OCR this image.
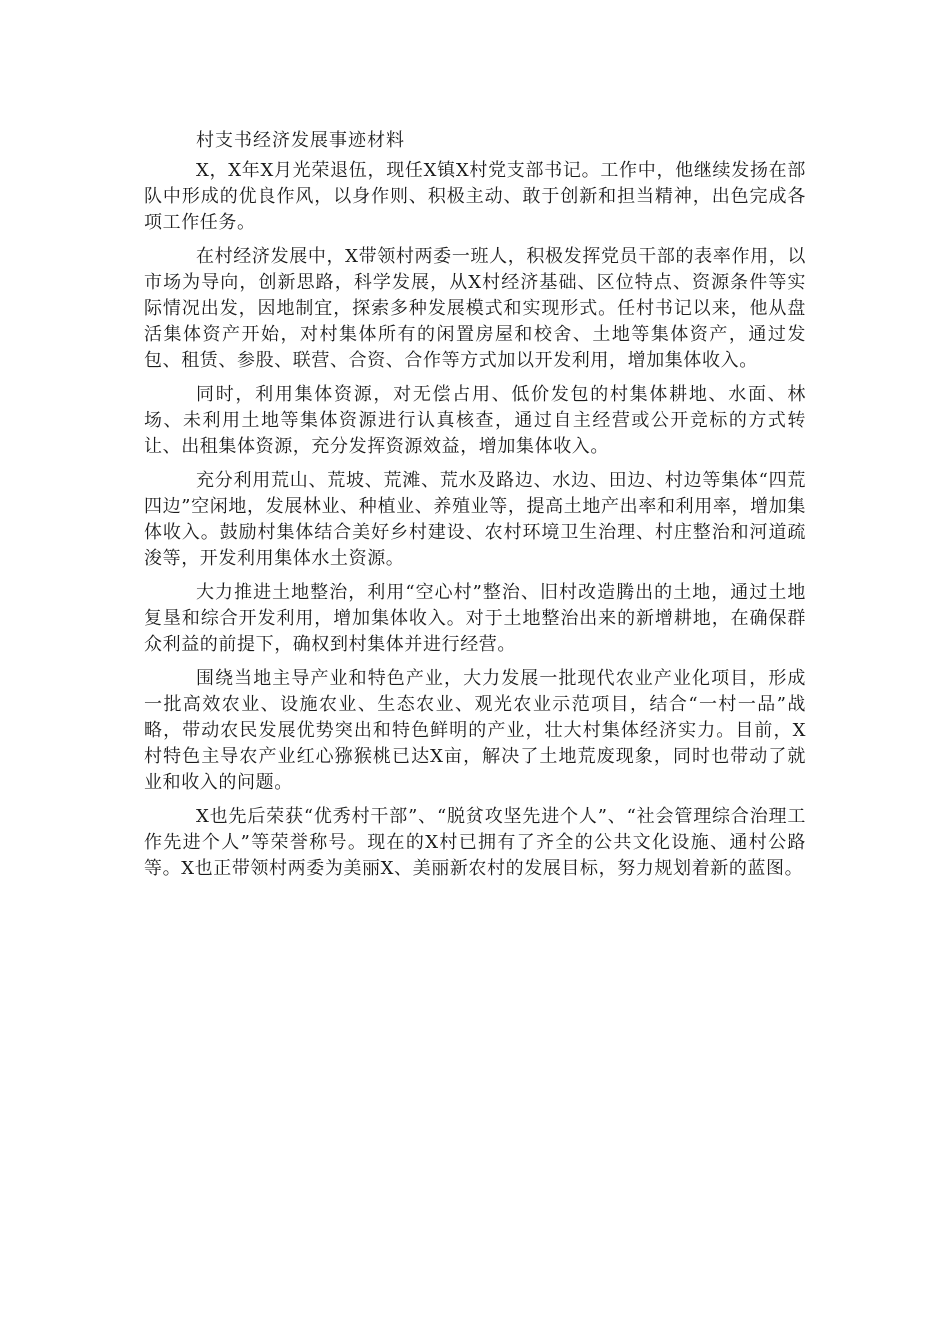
村支书经济发展事迹材料

X，X年X月光荣退伍，现任X镇X村党支部书记。工作中，他继续发扬在部队中形成的优良作风，以身作则、积极主动、敢于创新和担当精神，出色完成各项工作任务。

在村经济发展中，X带领村两委一班人，积极发挥党员干部的表率作用，以市场为导向，创新思路，科学发展，从X村经济基础、区位特点、资源条件等实际情况出发，因地制宜，探索多种发展模式和实现形式。任村书记以来，他从盘活集体资产开始，对村集体所有的闲置房屋和校舍、土地等集体资产，通过发包、租赁、参股、联营、合资、合作等方式加以开发利用，增加集体收入。

同时，利用集体资源，对无偿占用、低价发包的村集体耕地、水面、林场、未利用土地等集体资源进行认真核查，通过自主经营或公开竞标的方式转让、出租集体资源，充分发挥资源效益，增加集体收入。

充分利用荒山、荒坡、荒滩、荒水及路边、水边、田边、村边等集体“四荒四边”空闲地，发展林业、种植业、养殖业等，提高土地产出率和利用率，增加集体收入。鼓励村集体结合美好乡村建设、农村环境卫生治理、村庄整治和河道疏浚等，开发利用集体水土资源。

大力推进土地整治，利用“空心村”整治、旧村改造腾出的土地，通过土地复垦和综合开发利用，增加集体收入。对于土地整治出来的新增耕地，在确保群众利益的前提下，确权到村集体并进行经营。

围绕当地主导产业和特色产业，大力发展一批现代农业产业化项目，形成一批高效农业、设施农业、生态农业、观光农业示范项目，结合“一村一品”战略，带动农民发展优势突出和特色鲜明的产业，壮大村集体经济实力。目前，X村特色主导农产业红心猕猴桃已达X亩，解决了土地荒废现象，同时也带动了就业和收入的问题。

X也先后荣获“优秀村干部”、“脱贫攻坚先进个人”、“社会管理综合治理工作先进个人”等荣誉称号。现在的X村已拥有了齐全的公共文化设施、通村公路等。X也正带领村两委为美丽X、美丽新农村的发展目标，努力规划着新的蓝图。
